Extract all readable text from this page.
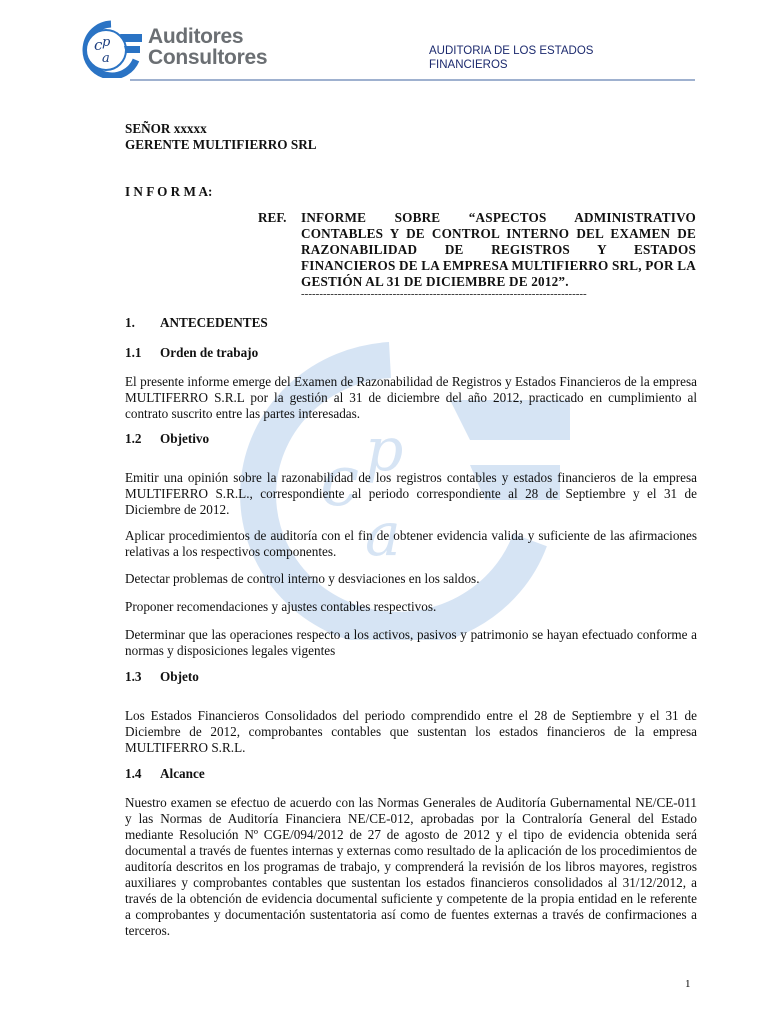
c p
a
Auditores
Consultores	AUDITORIA DE LOS ESTADOS
FINANCIEROS
c p
a
SEÑOR xxxxx
GERENTE MULTIFIERRO SRL
I N F O R M A:
REF. INFORME SOBRE “ASPECTOS ADMINISTRATIVO CONTABLES Y DE CONTROL INTERNO DEL EXAMEN DE RAZONABILIDAD DE REGISTROS Y ESTADOS FINANCIEROS DE LA EMPRESA MULTIFIERRO SRL, POR LA GESTIÓN AL 31 DE DICIEMBRE DE 2012”.
------------------------------------------------------------------------------
1. ANTECEDENTES
1.1 Orden de trabajo
El presente informe emerge del Examen de Razonabilidad de Registros y Estados Financieros de la empresa MULTIFERRO S.R.L por la gestión al 31 de diciembre del año 2012, practicado en cumplimiento al contrato suscrito entre las partes interesadas.
1.2 Objetivo
Emitir una opinión sobre la razonabilidad de los registros contables y estados financieros de la empresa MULTIFERRO S.R.L., correspondiente al periodo correspondiente al 28 de Septiembre y el 31 de Diciembre de 2012.
Aplicar procedimientos de auditoría con el fin de obtener evidencia valida y suficiente de las afirmaciones relativas a los respectivos componentes.
Detectar problemas de control interno y desviaciones en los saldos.
Proponer recomendaciones y ajustes contables respectivos.
Determinar que las operaciones respecto a los activos, pasivos y patrimonio se hayan efectuado conforme a normas y disposiciones legales vigentes
1.3 Objeto
Los Estados Financieros Consolidados del periodo comprendido entre el 28 de Septiembre y el 31 de Diciembre de 2012, comprobantes contables que sustentan los estados financieros de la empresa MULTIFERRO S.R.L.
1.4 Alcance
Nuestro examen se efectuo de acuerdo con las Normas Generales de Auditoría Gubernamental NE/CE-011 y las Normas de Auditoría Financiera NE/CE-012, aprobadas por la Contraloría General del Estado mediante Resolución Nº CGE/094/2012 de 27 de agosto de 2012 y el tipo de evidencia obtenida será documental a través de fuentes internas y externas como resultado de la aplicación de los procedimientos de auditoría descritos en los programas de trabajo, y comprenderá la revisión de los libros mayores, registros auxiliares y comprobantes contables que sustentan los estados financieros consolidados al 31/12/2012, a través de la obtención de evidencia documental suficiente y competente de la propia entidad en le referente a comprobantes y documentación sustentatoria así como de fuentes externas a través de confirmaciones a terceros.
1
